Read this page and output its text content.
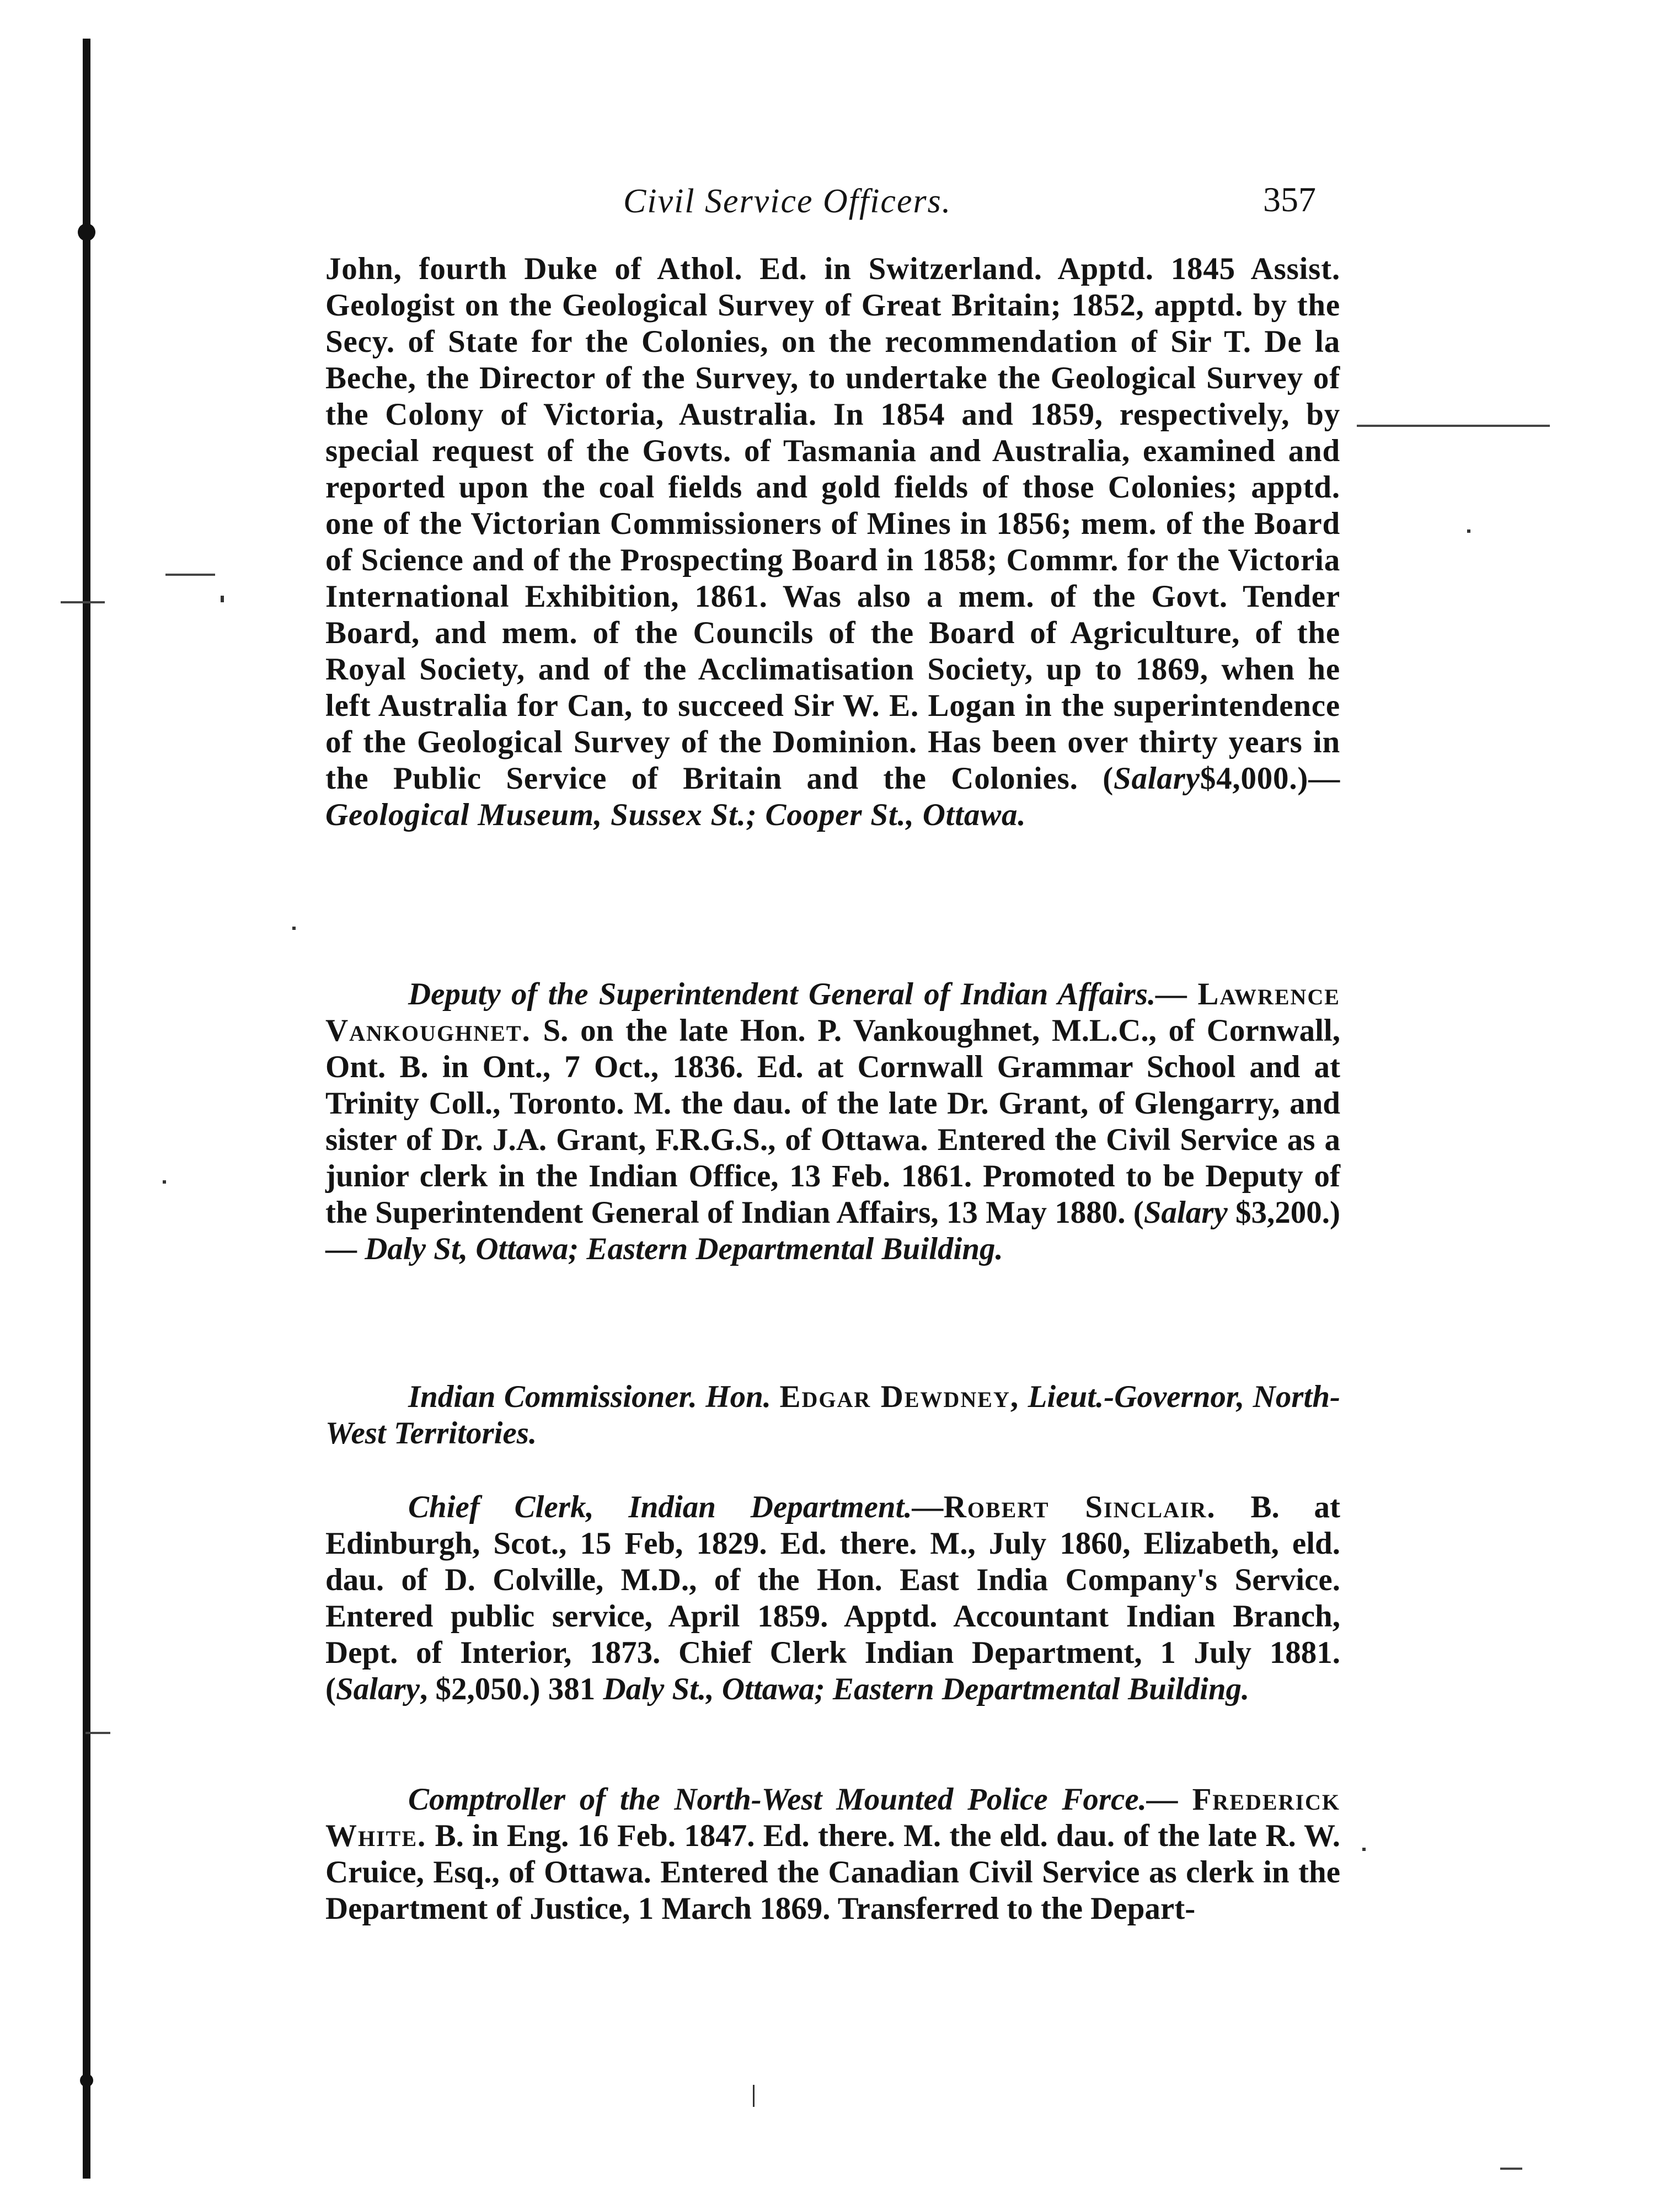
Civil Service Officers.	357
John, fourth Duke of Athol. Ed. in Switzerland. Apptd. 1845 Assist. Geologist on the Geological Survey of Great Britain; 1852, apptd. by the Secy. of State for the Colonies, on the recommendation of Sir T. De la Beche, the Director of the Survey, to undertake the Geological Survey of the Colony of Victoria, Australia. In 1854 and 1859, respectively, by special request of the Govts. of Tasmania and Australia, examined and reported upon the coal fields and gold fields of those Colonies; apptd. one of the Victorian Commissioners of Mines in 1856; mem. of the Board of Science and of the Prospecting Board in 1858; Commr. for the Victoria International Exhibition, 1861. Was also a mem. of the Govt. Tender Board, and mem. of the Councils of the Board of Agriculture, of the Royal Society, and of the Acclimatisation Society, up to 1869, when he left Australia for Can, to succeed Sir W. E. Logan in the superintendence of the Geological Survey of the Dominion. Has been over thirty years in the Public Service of Britain and the Colonies. (Salary$4,000.)—Geological Museum, Sussex St.; Cooper St., Ottawa.
Deputy of the Superintendent General of Indian Affairs.— Lawrence Vankoughnet. S. on the late Hon. P. Vankoughnet, M.L.C., of Cornwall, Ont. B. in Ont., 7 Oct., 1836. Ed. at Cornwall Grammar School and at Trinity Coll., Toronto. M. the dau. of the late Dr. Grant, of Glengarry, and sister of Dr. J.A. Grant, F.R.G.S., of Ottawa. Entered the Civil Service as a junior clerk in the Indian Office, 13 Feb. 1861. Promoted to be Deputy of the Superintendent General of Indian Affairs, 13 May 1880. (Salary $3,200.)— Daly St, Ottawa; Eastern Departmental Building.
Indian Commissioner. Hon. Edgar Dewdney, Lieut.-Governor, North-West Territories.
Chief Clerk, Indian Department.—Robert Sinclair. B. at Edinburgh, Scot., 15 Feb, 1829. Ed. there. M., July 1860, Elizabeth, eld. dau. of D. Colville, M.D., of the Hon. East India Company's Service. Entered public service, April 1859. Apptd. Accountant Indian Branch, Dept. of Interior, 1873. Chief Clerk Indian Department, 1 July 1881. (Salary, $2,050.) 381 Daly St., Ottawa; Eastern Departmental Building.
Comptroller of the North-West Mounted Police Force.— Frederick White. B. in Eng. 16 Feb. 1847. Ed. there. M. the eld. dau. of the late R. W. Cruice, Esq., of Ottawa. Entered the Canadian Civil Service as clerk in the Department of Justice, 1 March 1869. Transferred to the Depart-
